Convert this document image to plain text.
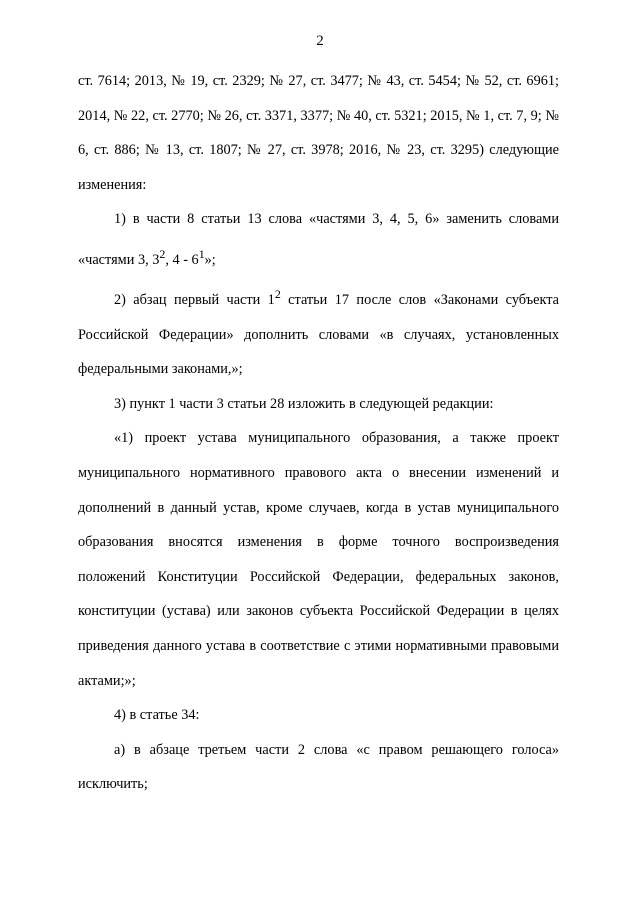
2

ст. 7614; 2013, № 19, ст. 2329; № 27, ст. 3477; № 43, ст. 5454; № 52, ст. 6961; 2014, № 22, ст. 2770; № 26, ст. 3371, 3377; № 40, ст. 5321; 2015, № 1, ст. 7, 9; № 6, ст. 886; № 13, ст. 1807; № 27, ст. 3978; 2016, № 23, ст. 3295) следующие изменения:

1) в части 8 статьи 13 слова «частями 3, 4, 5, 6» заменить словами «частями 3, $3^2$, $4 - 6^1$»;

2) абзац первый части $1^2$ статьи 17 после слов «Законами субъекта Российской Федерации» дополнить словами «в случаях, установленных федеральными законами,»;

3) пункт 1 части 3 статьи 28 изложить в следующей редакции:

«1) проект устава муниципального образования, а также проект муниципального нормативного правового акта о внесении изменений и дополнений в данный устав, кроме случаев, когда в устав муниципального образования вносятся изменения в форме точного воспроизведения положений Конституции Российской Федерации, федеральных законов, конституции (устава) или законов субъекта Российской Федерации в целях приведения данного устава в соответствие с этими нормативными правовыми актами;»;

4) в статье 34:

а) в абзаце третьем части 2 слова «с правом решающего голоса» исключить;
